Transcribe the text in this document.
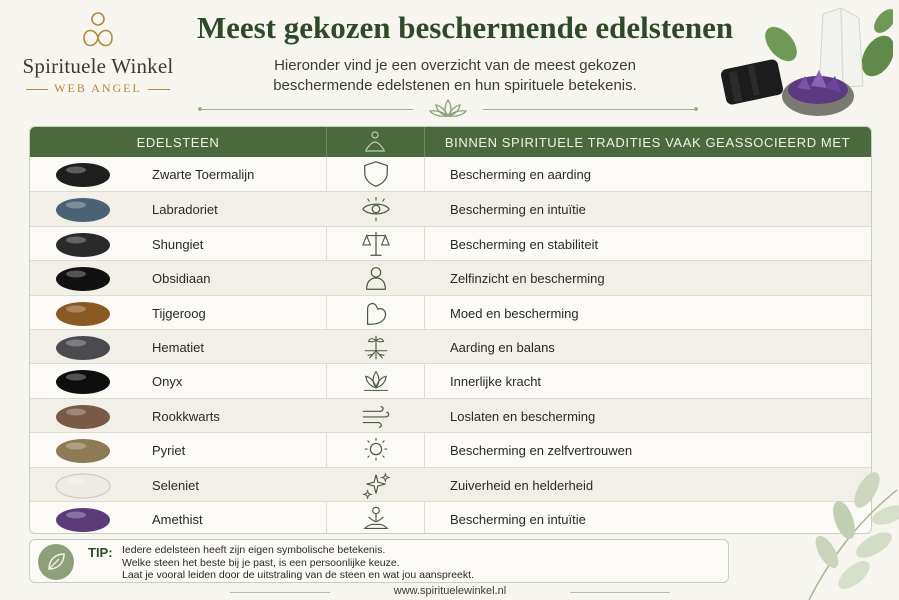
Spirituele Winkel
WEB ANGEL
Meest gekozen beschermende edelstenen
Hieronder vind je een overzicht van de meest gekozen
beschermende edelstenen en hun spirituele betekenis.
EDELSTEEN	BINNEN SPIRITUELE TRADITIES VAAK GEASSOCIEERD MET
Zwarte Toermalijn	Bescherming en aarding
Labradoriet	Bescherming en intuïtie
Shungiet	Bescherming en stabiliteit
Obsidiaan	Zelfinzicht en bescherming
Tijgeroog	Moed en bescherming
Hematiet	Aarding en balans
Onyx	Innerlijke kracht
Rookkwarts	Loslaten en bescherming
Pyriet	Bescherming en zelfvertrouwen
Seleniet	Zuiverheid en helderheid
Amethist	Bescherming en intuïtie
TIP: Iedere edelsteen heeft zijn eigen symbolische betekenis.
Welke steen het beste bij je past, is een persoonlijke keuze.
Laat je vooral leiden door de uitstraling van de steen en wat jou aanspreekt.
www.spirituelewinkel.nl
